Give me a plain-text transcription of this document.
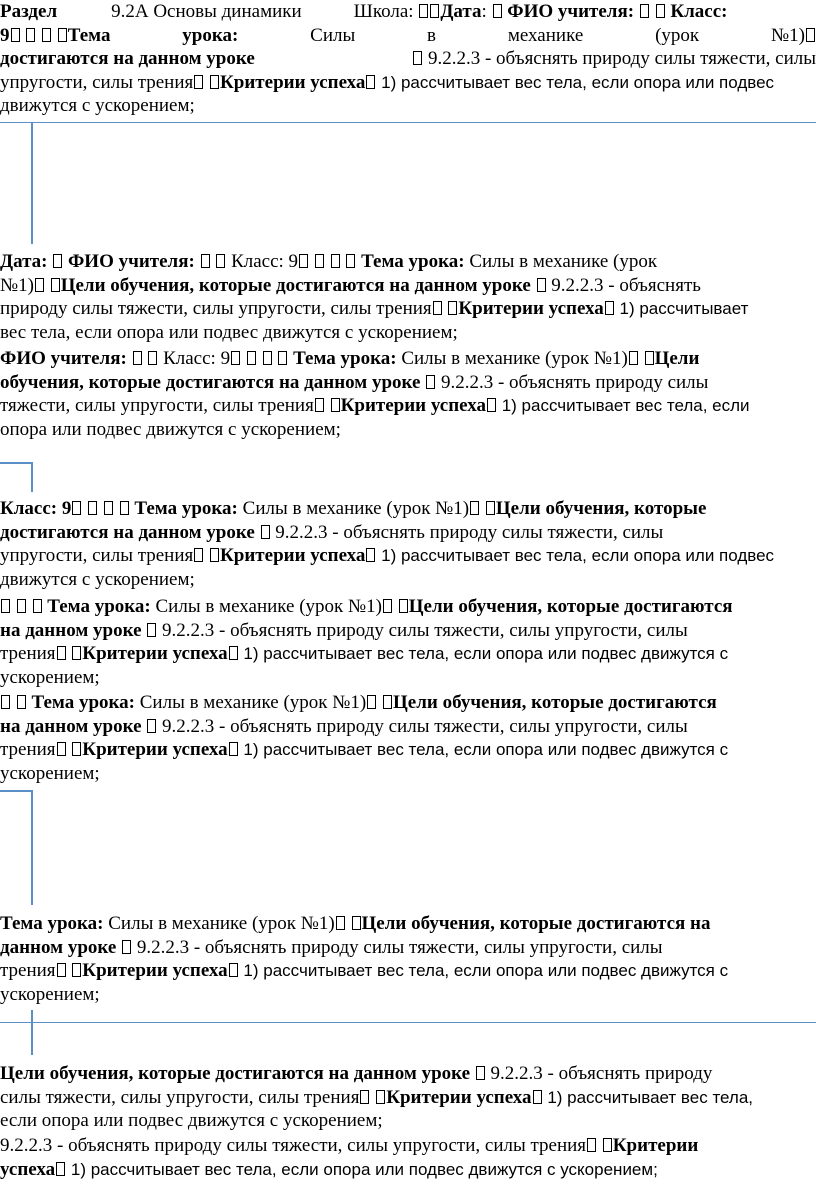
Раздел	9.2А Основы динамики	Школа: Дата:  ФИО учителя: Класс:
9	Тема	урока:	Силы	в	механике	(урок	№1)
достигаются на данном уроке	9.2.2.3 - объяснять природу силы тяжести, силы
упругости, силы трения Критерии успеха 1) рассчитывает вес тела, если опора или подвес
движутся с ускорением;
Дата: ФИО учителя: Класс: 9	Тема урока: Силы в механике (урок
№1) Цели обучения, которые достигаются на данном уроке 9.2.2.3 - объяснять
природу силы тяжести, силы упругости, силы трения Критерии успеха 1) рассчитывает
вес тела, если опора или подвес движутся с ускорением;
ФИО учителя: Класс: 9	Тема урока: Силы в механике (урок №1) Цели
обучения, которые достигаются на данном уроке 9.2.2.3 - объяснять природу силы
тяжести, силы упругости, силы трения Критерии успеха 1) рассчитывает вес тела, если
опора или подвес движутся с ускорением;
Класс: 9	Тема урока: Силы в механике (урок №1) Цели обучения, которые
достигаются на данном уроке 9.2.2.3 - объяснять природу силы тяжести, силы
упругости, силы трения Критерии успеха 1) рассчитывает вес тела, если опора или подвес
движутся с ускорением;
Тема урока: Силы в механике (урок №1) Цели обучения, которые достигаются
на данном уроке 9.2.2.3 - объяснять природу силы тяжести, силы упругости, силы
трения Критерии успеха 1) рассчитывает вес тела, если опора или подвес движутся с
ускорением;
Тема урока: Силы в механике (урок №1) Цели обучения, которые достигаются
на данном уроке 9.2.2.3 - объяснять природу силы тяжести, силы упругости, силы
трения Критерии успеха 1) рассчитывает вес тела, если опора или подвес движутся с
ускорением;
Тема урока: Силы в механике (урок №1) Цели обучения, которые достигаются на
данном уроке 9.2.2.3 - объяснять природу силы тяжести, силы упругости, силы
трения Критерии успеха 1) рассчитывает вес тела, если опора или подвес движутся с
ускорением;
Цели обучения, которые достигаются на данном уроке 9.2.2.3 - объяснять природу
силы тяжести, силы упругости, силы трения Критерии успеха 1) рассчитывает вес тела,
если опора или подвес движутся с ускорением;
9.2.2.3 - объяснять природу силы тяжести, силы упругости, силы трения Критерии
успеха 1) рассчитывает вес тела, если опора или подвес движутся с ускорением;
